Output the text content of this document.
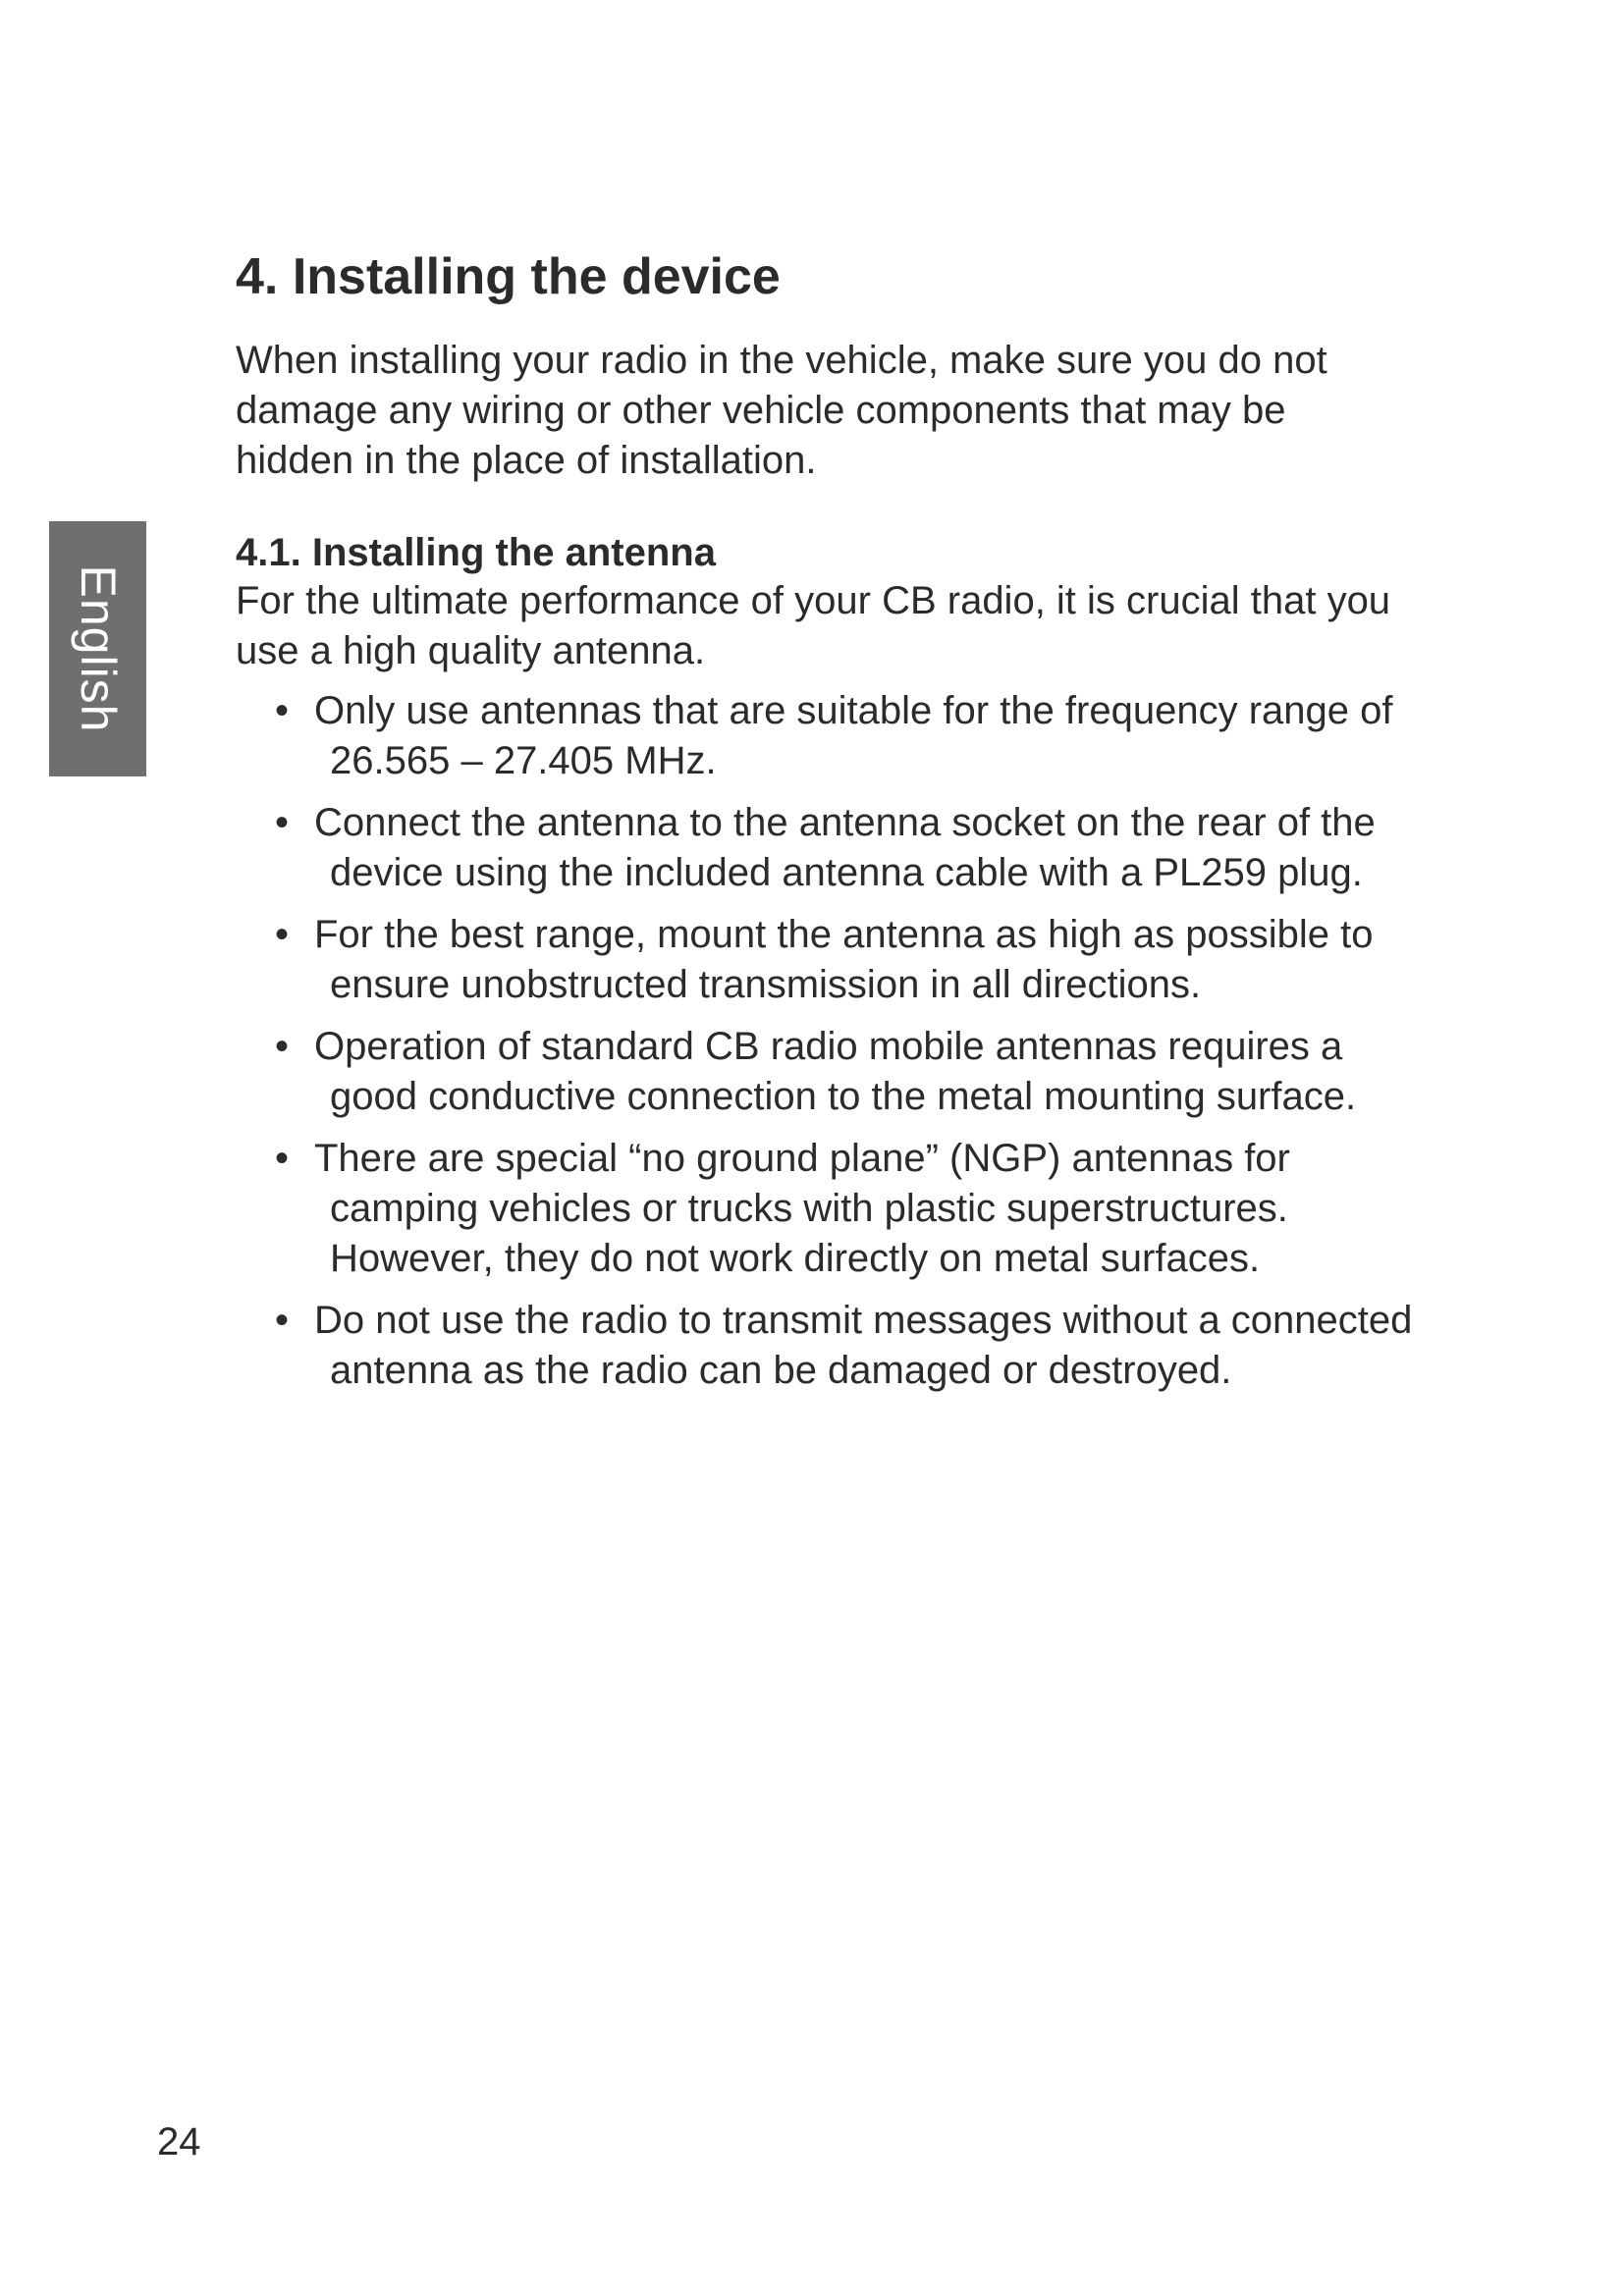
English
4. Installing the device

When installing your radio in the vehicle, make sure you do not damage any wiring or other vehicle components that may be hidden in the place of installation.

4.1. Installing the antenna

For the ultimate performance of your CB radio, it is crucial that you use a high quality antenna.

• Only use antennas that are suitable for the frequency range of 26.565 – 27.405 MHz.
• Connect the antenna to the antenna socket on the rear of the device using the included antenna cable with a PL259 plug.
• For the best range, mount the antenna as high as possible to ensure unobstructed transmission in all directions.
• Operation of standard CB radio mobile antennas requires a good conductive connection to the metal mounting surface.
• There are special “no ground plane” (NGP) antennas for camping vehicles or trucks with plastic superstructures. However, they do not work directly on metal surfaces.
• Do not use the radio to transmit messages without a connected antenna as the radio can be damaged or destroyed.
24
